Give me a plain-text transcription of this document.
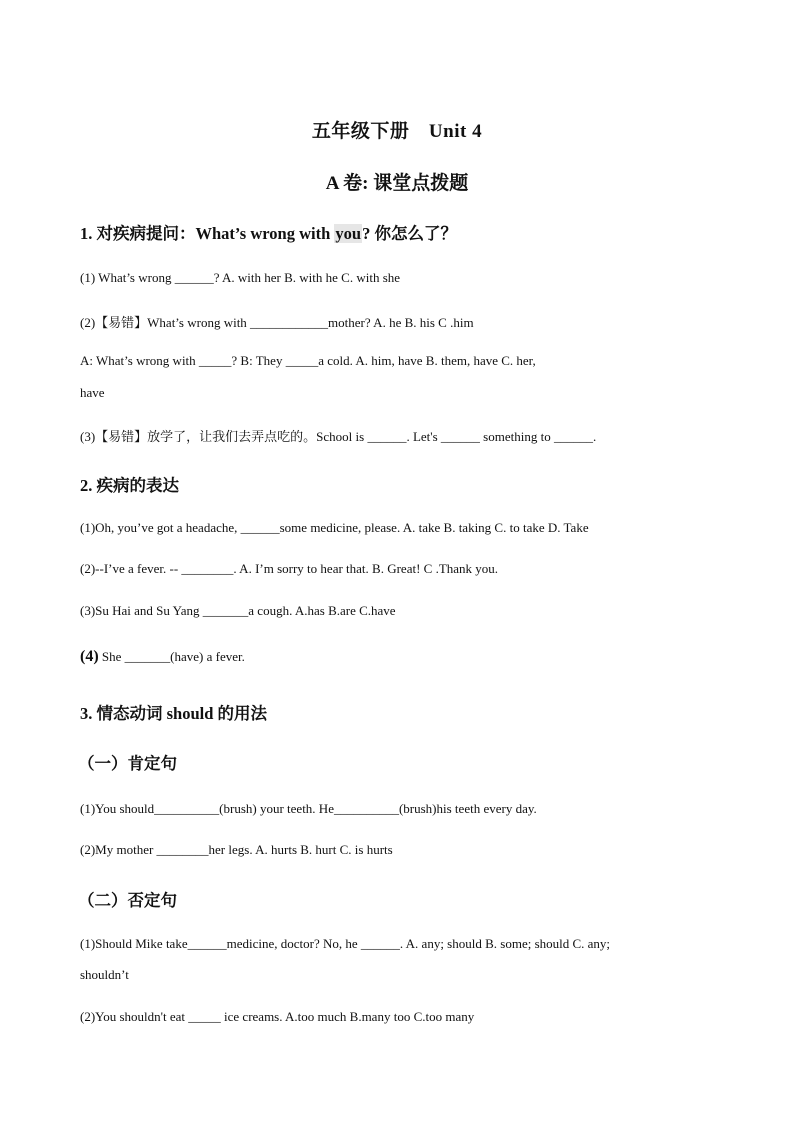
五年级下册　Unit 4
A 卷: 课堂点拨题
1. 对疾病提问：What’s wrong with you? 你怎么了？
(1) What’s wrong ______? A. with her B. with he C. with she
(2)【易错】What’s wrong with ____________mother? A. he B. his C .him
A: What’s wrong with _____? B: They _____a cold. A. him, have B. them, have C. her,
have
(3)【易错】放学了，让我们去弄点吃的。School is ______. Let's ______ something to ______.
2. 疾病的表达
(1)Oh, you’ve got a headache, ______some medicine, please. A. take B. taking C. to take D. Take
(2)--I’ve a fever. -- ________. A. I’m sorry to hear that. B. Great! C .Thank you.
(3)Su Hai and Su Yang _______a cough. A.has B.are C.have
(4) She _______(have) a fever.
3. 情态动词 should 的用法
（一）肯定句
(1)You should__________(brush) your teeth. He__________(brush)his teeth every day.
(2)My mother ________her legs. A. hurts B. hurt C. is hurts
（二）否定句
(1)Should Mike take______medicine, doctor? No, he ______. A. any; should B. some; should C. any;
shouldn’t
(2)You shouldn't eat _____ ice creams. A.too much B.many too C.too many
